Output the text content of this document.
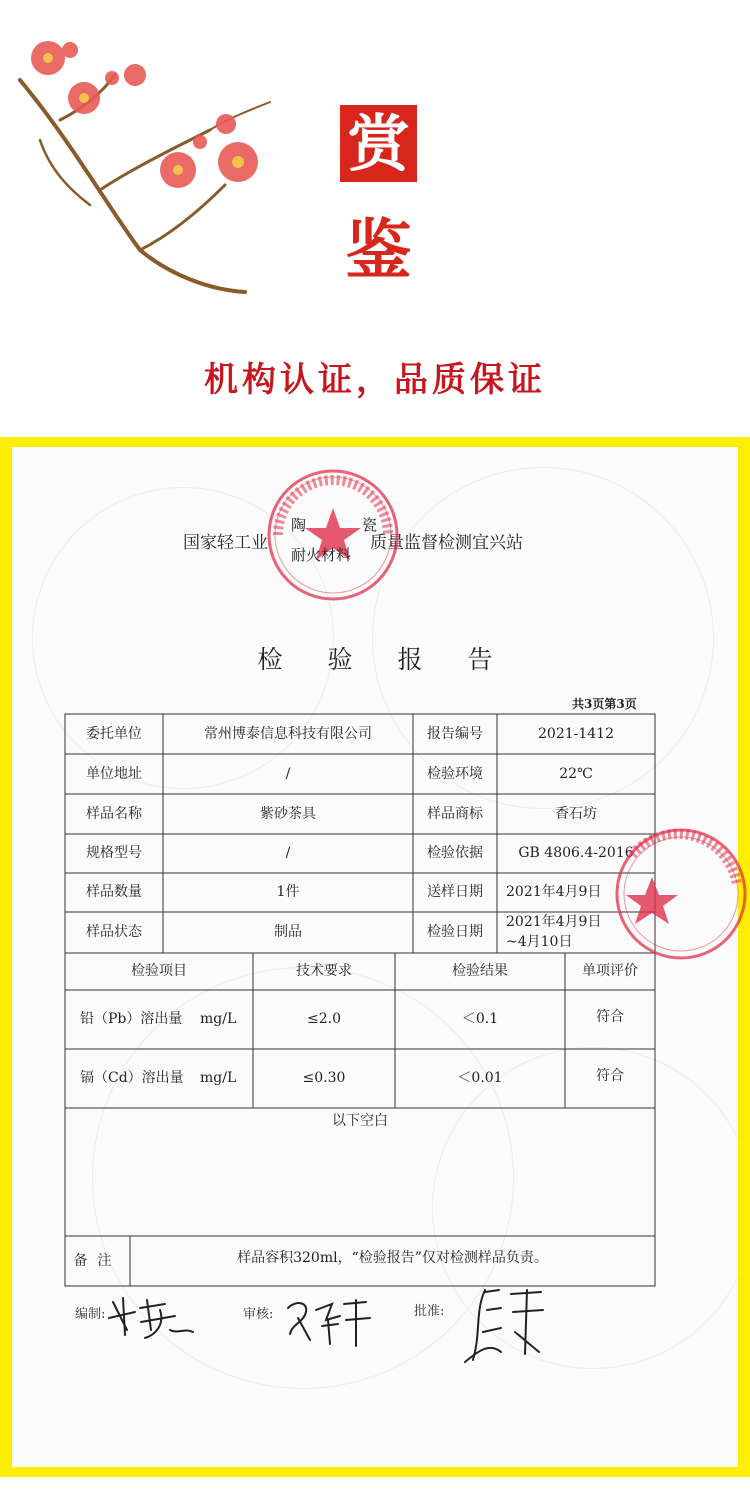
赏
鉴
机构认证，品质保证
国家轻工业	质量监督检测宜兴站
陶	瓷
耐火材料
检验报告
共3页第3页
委托单位	常州博泰信息科技有限公司	报告编号	2021-1412
单位地址	/	检验环境	22℃
样品名称	紫砂茶具	样品商标	香石坊
规格型号	/	检验依据	GB 4806.4-2016
样品数量	1件	送样日期	2021年4月9日
样品状态	制品	检验日期
2021年4月9日
~4月10日
检验项目	技术要求	检验结果	单项评价
铅（Pb）溶出量	mg/L	≤2.0	＜0.1	符合
镉（Cd）溶出量	mg/L	≤0.30	＜0.01	符合
以下空白
备注	样品容积320ml，“检验报告”仅对检测样品负责。
编制:	审核:	批准:
